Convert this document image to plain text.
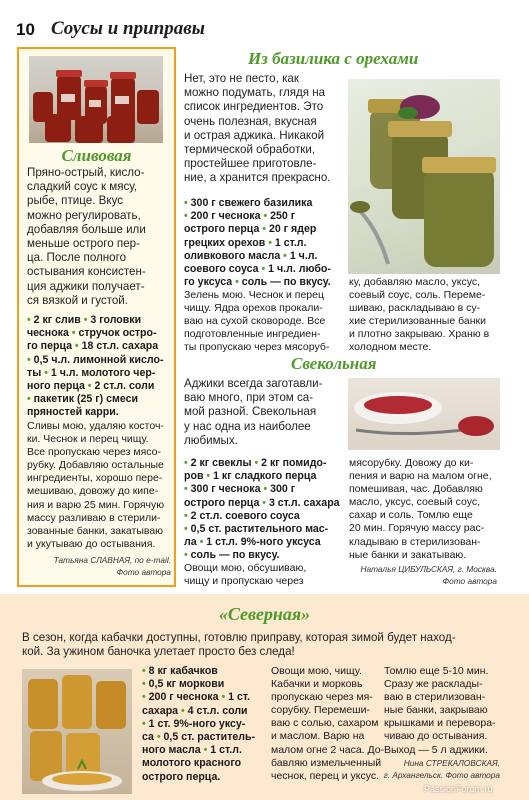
10 Соусы и приправы
Сливовая
Пряно-острый, кисло-
сладкий соус к мясу,
рыбе, птице. Вкус
можно регулировать,
добавляя больше или
меньше острого пер-
ца. После полного
остывания консистен-
ция аджики получает-
ся вязкой и густой.
• 2 кг слив • 3 головки
чеснока • стручок остро-
го перца • 18 ст.л. сахара
• 0,5 ч.л. лимонной кисло-
ты • 1 ч.л. молотого чер-
ного перца • 2 ст.л. соли
• пакетик (25 г) смеси
пряностей карри.
Сливы мою, удаляю косточ-
ки. Чеснок и перец чищу.
Все пропускаю через мясо-
рубку. Добавляю остальные
ингредиенты, хорошо пере-
мешиваю, довожу до кипе-
ния и варю 25 мин. Горячую
массу разливаю в стерили-
зованные банки, закатываю
и укутываю до остывания.
Татьяна СЛАВНАЯ, по e-mail.
Фото автора
Из базилика с орехами
Нет, это не песто, как
можно подумать, глядя на
список ингредиентов. Это
очень полезная, вкусная
и острая аджика. Никакой
термической обработки,
простейшее приготовле-
ние, а хранится прекрасно.
• 300 г свежего базилика
• 200 г чеснока • 250 г
острого перца • 20 г ядер
грецких орехов • 1 ст.л.
оливкового масла • 1 ч.л.
соевого соуса • 1 ч.л. любо-
го уксуса • соль — по вкусу.
Зелень мою. Чеснок и перец
чищу. Ядра орехов прокали-
ваю на сухой сковороде. Все
подготовленные ингредиен-
ты пропускаю через мясоруб-
ку, добавляю масло, уксус,
соевый соус, соль. Переме-
шиваю, раскладываю в су-
хие стерилизованные банки
и плотно закрываю. Храню в
холодном месте.
Свекольная
Аджики всегда заготавли-
ваю много, при этом са-
мой разной. Свекольная
у нас одна из наиболее
любимых.
• 2 кг свеклы • 2 кг помидо-
ров • 1 кг сладкого перца
• 300 г чеснока • 300 г
острого перца • 3 ст.л. сахара
• 2 ст.л. соевого соуса
• 0,5 ст. растительного мас-
ла • 1 ст.л. 9%-ного уксуса
• соль — по вкусу.
Овощи мою, обсушиваю,
чищу и пропускаю через
мясорубку. Довожу до ки-
пения и варю на малом огне,
помешивая, час. Добавляю
масло, уксус, соевый соус,
сахар и соль. Томлю еще
20 мин. Горячую массу рас-
кладываю в стерилизован-
ные банки и закатываю.
Наталья ЦИБУЛЬСКАЯ, г. Москва.
Фото автора
«Северная»
В сезон, когда кабачки доступны, готовлю приправу, которая зимой будет наход-
кой. За ужином баночка улетает просто без следа!
• 8 кг кабачков
• 0,5 кг моркови
• 200 г чеснока • 1 ст.
сахара • 4 ст.л. соли
• 1 ст. 9%-ного уксу-
са • 0,5 ст. раститель-
ного масла • 1 ст.л.
молотого красного
острого перца.
Овощи мою, чищу.
Кабачки и морковь
пропускаю через мя-
сорубку. Перемеши-
ваю с солью, сахаром
и маслом. Варю на
малом огне 2 часа. До-
бавляю измельченный
чеснок, перец и уксус.
Томлю еще 5-10 мин.
Сразу же расклады-
ваю в стерилизован-
ные банки, закрываю
крышками и перевора-
чиваю до остывания.
Выход — 5 л аджики.
Нина СТРЕКАЛОВСКАЯ,
г. Архангельск. Фото автора
PassionForum.ru
